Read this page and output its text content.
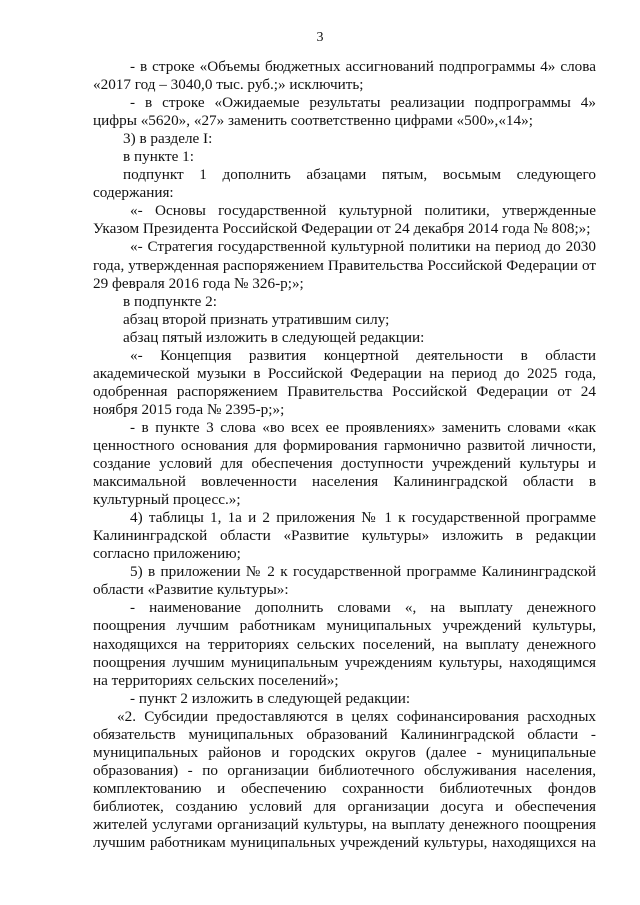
3

- в строке «Объемы бюджетных ассигнований подпрограммы 4» слова «2017 год – 3040,0 тыс. руб.;» исключить;

- в строке «Ожидаемые результаты реализации подпрограммы 4» цифры «5620», «27» заменить соответственно цифрами «500»,«14»;

3) в разделе I:

в пункте 1:

подпункт 1 дополнить абзацами пятым, восьмым следующего содержания:

«- Основы государственной культурной политики, утвержденные Указом Президента Российской Федерации от 24 декабря 2014 года № 808;»;

«- Стратегия государственной культурной политики на период до 2030 года, утвержденная распоряжением Правительства Российской Федерации от 29 февраля 2016 года № 326-р;»;

в подпункте 2:

абзац второй признать утратившим силу;

абзац пятый изложить в следующей редакции:

«- Концепция развития концертной деятельности в области академической музыки в Российской Федерации на период до 2025 года, одобренная распоряжением Правительства Российской Федерации от 24 ноября 2015 года № 2395-р;»;

- в пункте 3 слова «во всех ее проявлениях» заменить словами «как ценностного основания для формирования гармонично развитой личности, создание условий для обеспечения доступности учреждений культуры и максимальной вовлеченности населения Калининградской области в культурный процесс.»;

4) таблицы 1, 1а и 2 приложения № 1 к государственной программе Калининградской области «Развитие культуры» изложить в редакции согласно приложению;

5) в приложении № 2 к государственной программе Калининградской области «Развитие культуры»:

- наименование дополнить словами «, на выплату денежного поощрения лучшим работникам муниципальных учреждений культуры, находящихся на территориях сельских поселений, на выплату денежного поощрения лучшим муниципальным учреждениям культуры, находящимся на территориях сельских поселений»;

- пункт 2 изложить в следующей редакции:

«2. Субсидии предоставляются в целях софинансирования расходных обязательств муниципальных образований Калининградской области - муниципальных районов и городских округов (далее - муниципальные образования) - по организации библиотечного обслуживания населения, комплектованию и обеспечению сохранности библиотечных фондов библиотек, созданию условий для организации досуга и обеспечения жителей услугами организаций культуры, на выплату денежного поощрения лучшим работникам муниципальных учреждений культуры, находящихся на
